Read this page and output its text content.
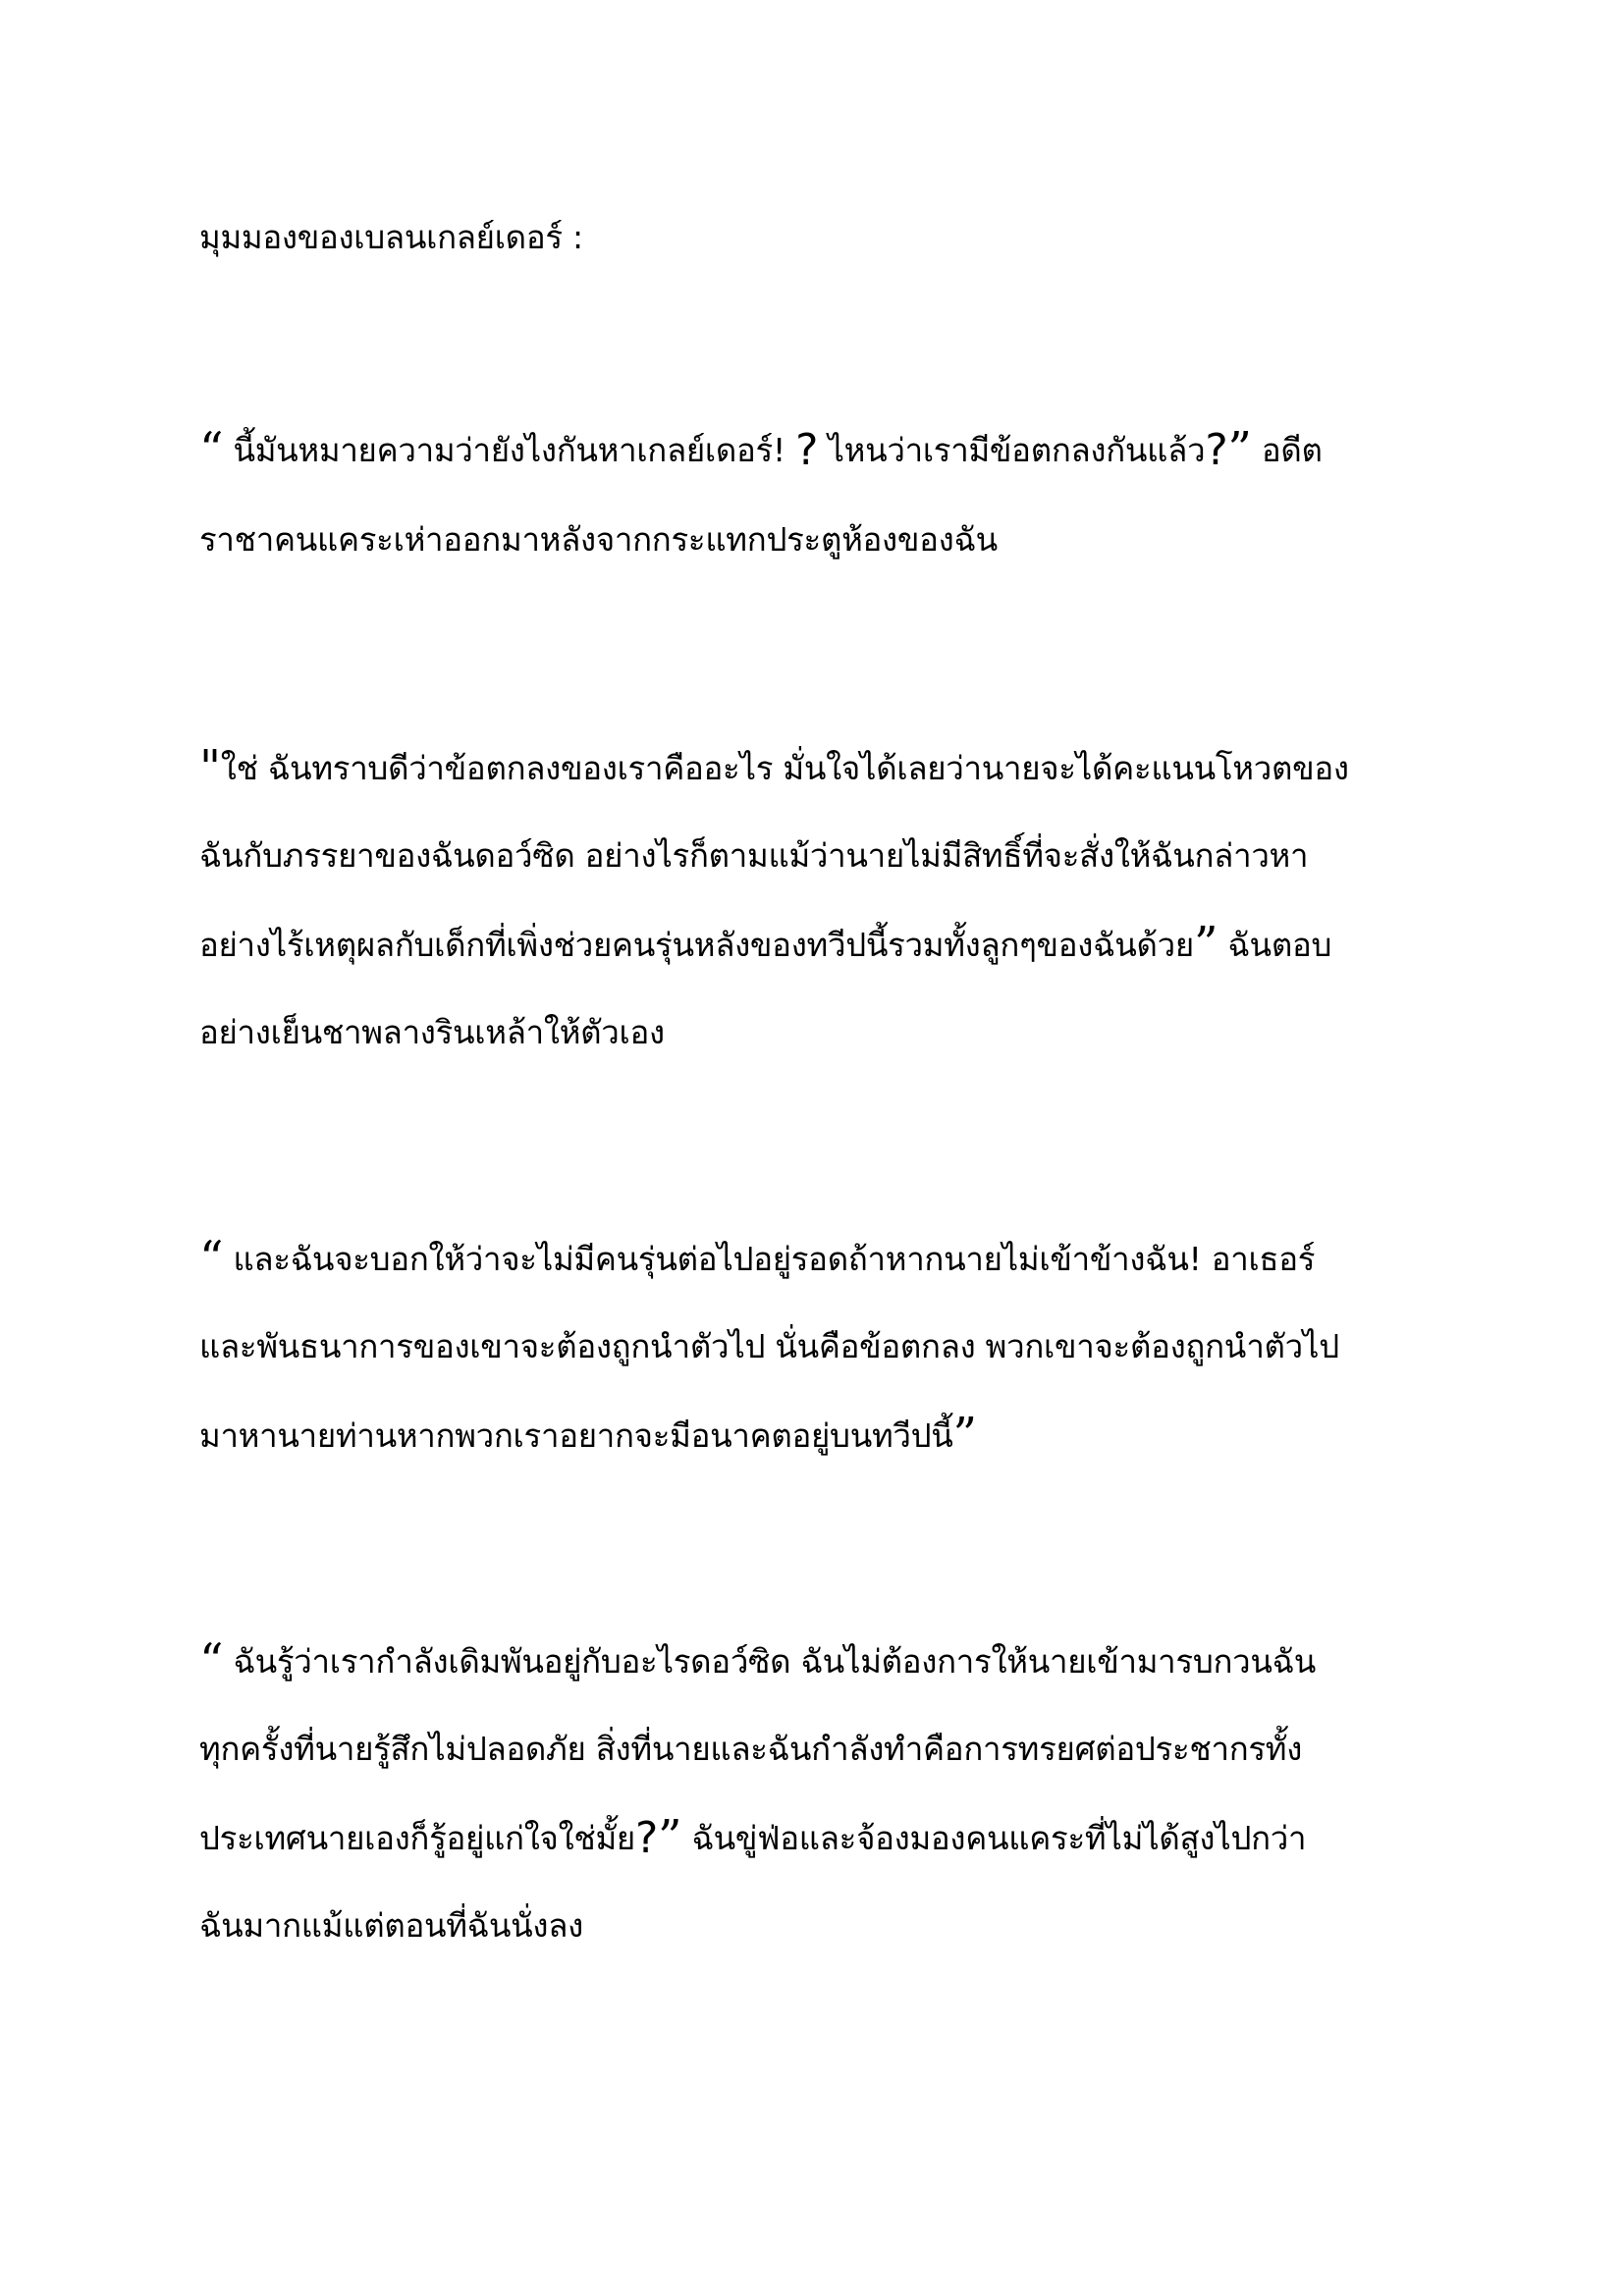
มุมมองของเบลนเกลย์เดอร์ :
“ นี้มันหมายความว่ายังไงกันหาเกลย์เดอร์! ? ไหนว่าเรามีข้อตกลงกันแล้ว?” อดีต
ราชาคนแคระเห่าออกมาหลังจากกระแทกประตูห้องของฉัน
"ใช่ ฉันทราบดีว่าข้อตกลงของเราคืออะไร มั่นใจได้เลยว่านายจะได้คะแนนโหวตของ
ฉันกับภรรยาของฉันดอว์ซิด อย่างไรก็ตามแม้ว่านายไม่มีสิทธิ์ที่จะสั่งให้ฉันกล่าวหา
อย่างไร้เหตุผลกับเด็กที่เพิ่งช่วยคนรุ่นหลังของทวีปนี้รวมทั้งลูกๆของฉันด้วย” ฉันตอบ
อย่างเย็นชาพลางรินเหล้าให้ตัวเอง
“ และฉันจะบอกให้ว่าจะไม่มีคนรุ่นต่อไปอยู่รอดถ้าหากนายไม่เข้าข้างฉัน! อาเธอร์
และพันธนาการของเขาจะต้องถูกนำตัวไป นั่นคือข้อตกลง พวกเขาจะต้องถูกนำตัวไป
มาหานายท่านหากพวกเราอยากจะมีอนาคตอยู่บนทวีปนี้”
“ ฉันรู้ว่าเรากำลังเดิมพันอยู่กับอะไรดอว์ซิด ฉันไม่ต้องการให้นายเข้ามารบกวนฉัน
ทุกครั้งที่นายรู้สึกไม่ปลอดภัย สิ่งที่นายและฉันกำลังทำคือการทรยศต่อประชากรทั้ง
ประเทศนายเองก็รู้อยู่แก่ใจใช่มั้ย?” ฉันขู่ฟ่อและจ้องมองคนแคระที่ไม่ได้สูงไปกว่า
ฉันมากแม้แต่ตอนที่ฉันนั่งลง
